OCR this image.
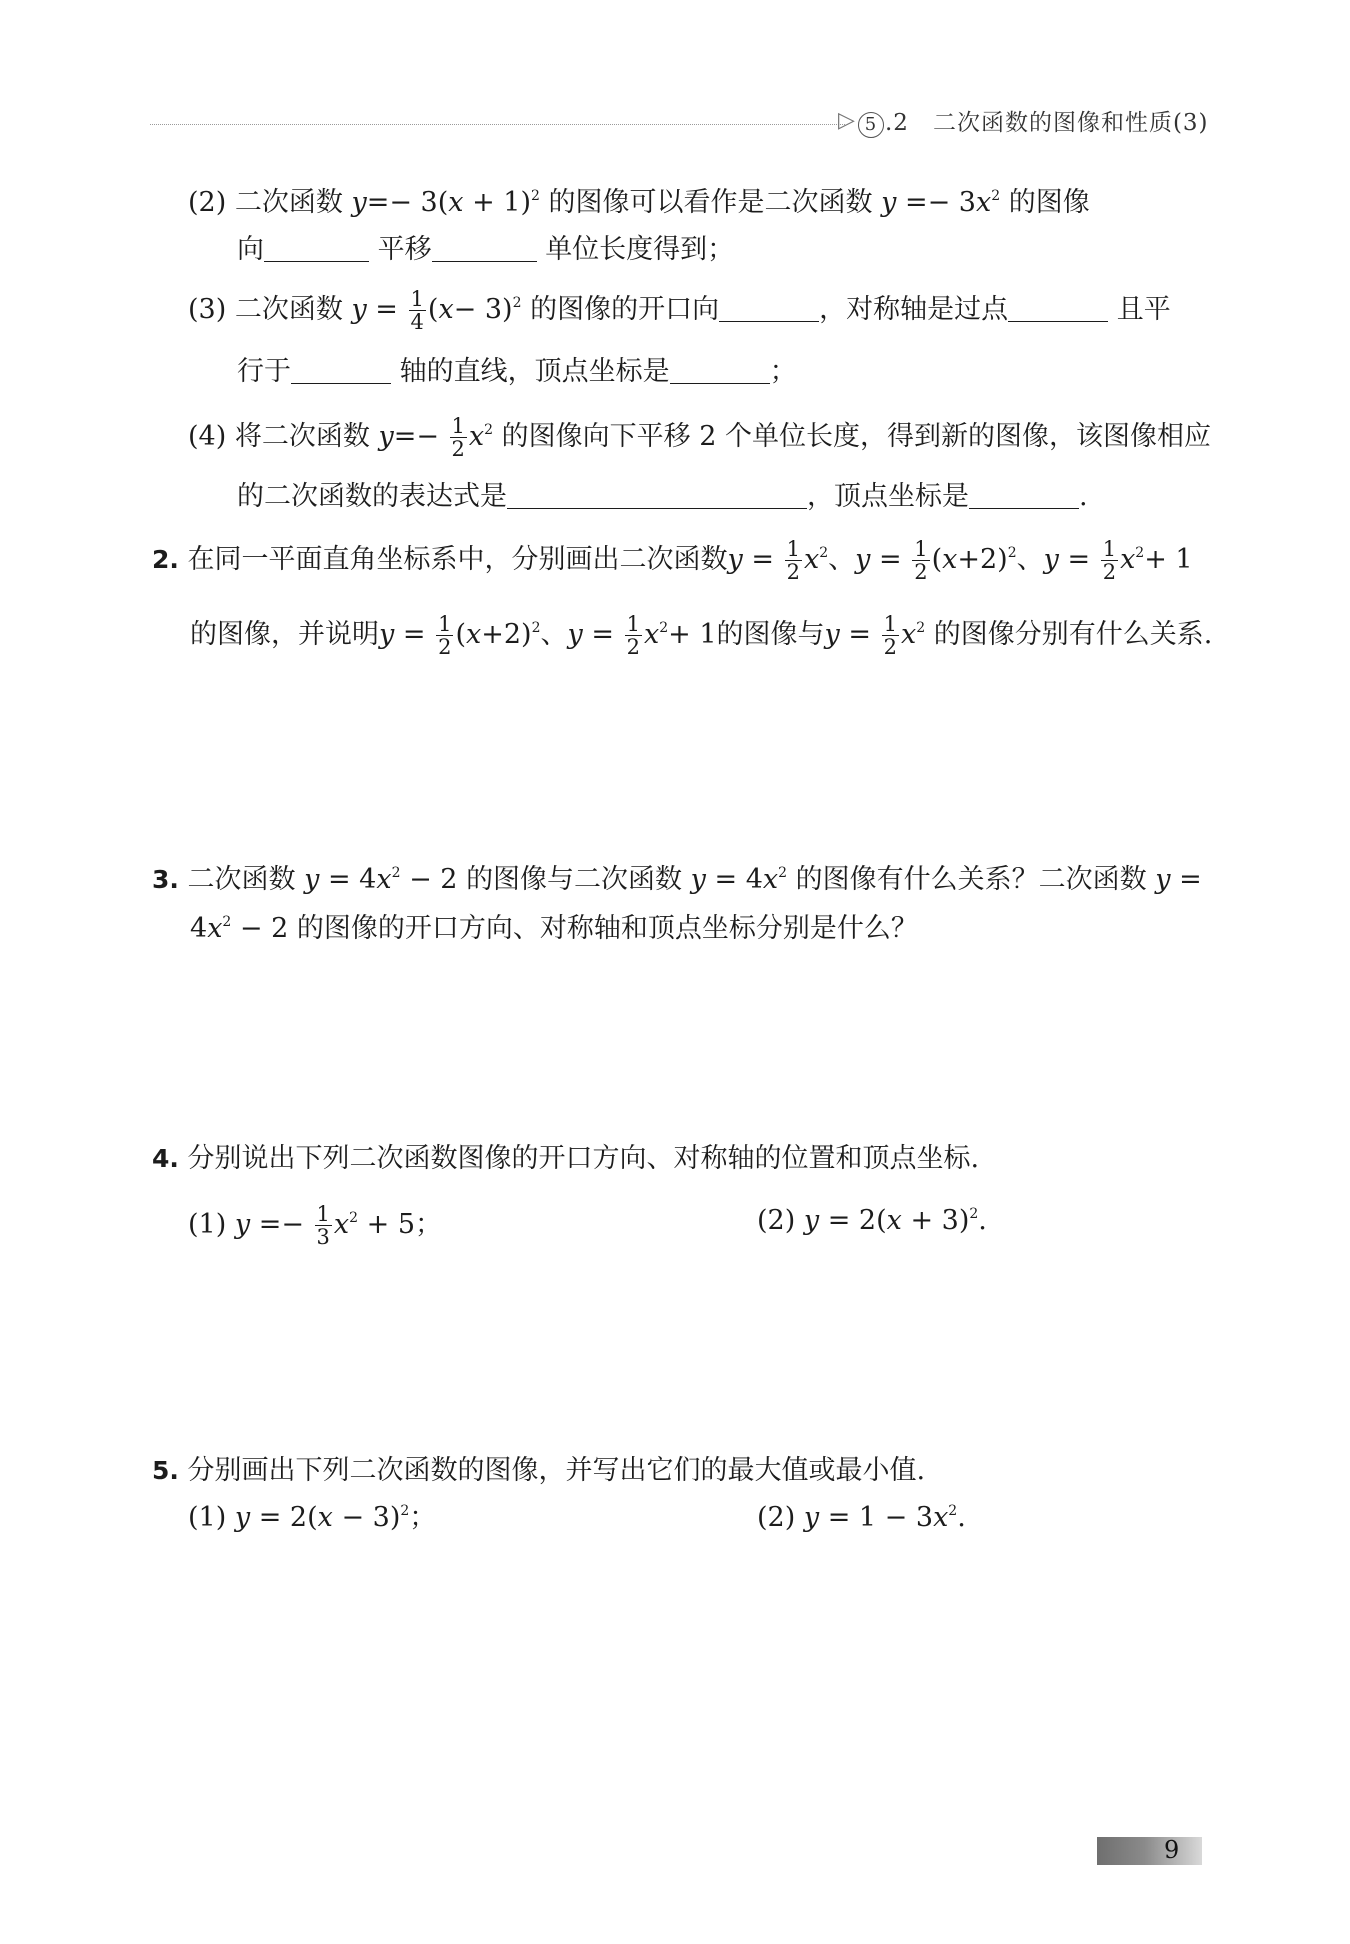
▷ 5 .2　二次函数的图像和性质(3)
(2) 二次函数 $y=- 3(x + 1)^2$ 的图像可以看作是二次函数 $y =- 3x^2$ 的图像
向	平移	单位长度得到；
(3) 二次函数 $y = \frac{1}{4} (x- 3)^2$ 的图像的开口向	，对称轴是过点	且平
行于	轴的直线，顶点坐标是	；
(4) 将二次函数 $y=- \frac{1}{2} x^2$ 的图像向下平移 2 个单位长度，得到新的图像，该图像相应
的二次函数的表达式是	，顶点坐标是	.
2. 在同一平面直角坐标系中，分别画出二次函数$y = \frac{1}{2} x^2$、$y = \frac{1}{2} (x+2)^2$、$y = \frac{1}{2} x^2+ 1$
的图像，并说明$y = \frac{1}{2} (x+2)^2$、$y = \frac{1}{2} x^2+ 1$的图像与$y = \frac{1}{2} x^2$ 的图像分别有什么关系.
3. 二次函数 $y = 4x^2 - 2$ 的图像与二次函数 $y = 4x^2$ 的图像有什么关系？二次函数 y =
$4x^2 - 2$ 的图像的开口方向、对称轴和顶点坐标分别是什么？
4. 分别说出下列二次函数图像的开口方向、对称轴的位置和顶点坐标.
(1) $y =- \frac{1}{3} x^2 + 5$；	(2) $y = 2(x + 3)^2$.
5. 分别画出下列二次函数的图像，并写出它们的最大值或最小值.
(1) $y = 2(x - 3)^2$；	(2) $y = 1 - 3x^2$.
9
